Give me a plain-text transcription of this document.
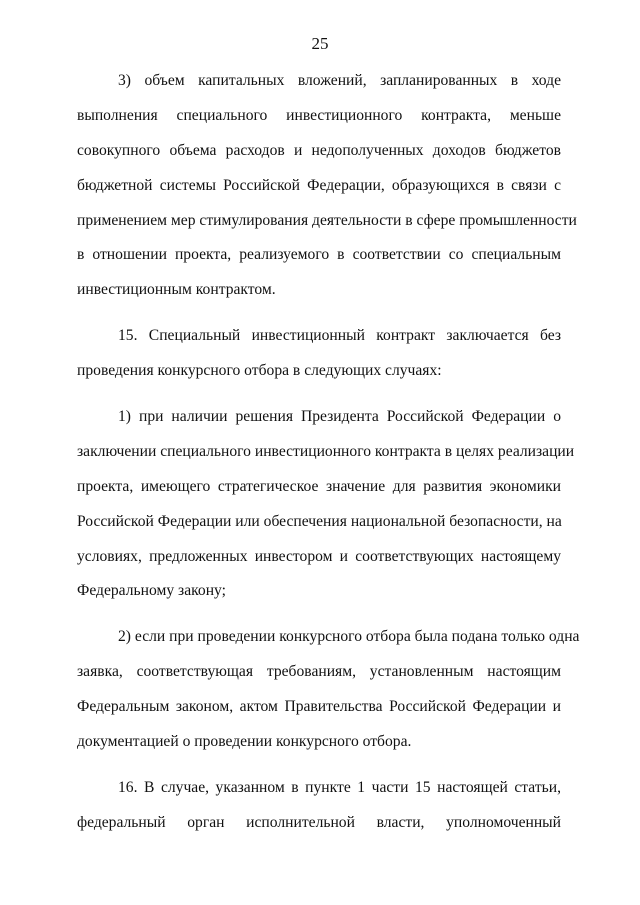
25
3) объем капитальных вложений, запланированных в ходе
выполнения специального инвестиционного контракта, меньше
совокупного объема расходов и недополученных доходов бюджетов
бюджетной системы Российской Федерации, образующихся в связи с
применением мер стимулирования деятельности в сфере промышленности
в отношении проекта, реализуемого в соответствии со специальным
инвестиционным контрактом.
15. Специальный инвестиционный контракт заключается без
проведения конкурсного отбора в следующих случаях:
1) при наличии решения Президента Российской Федерации о
заключении специального инвестиционного контракта в целях реализации
проекта, имеющего стратегическое значение для развития экономики
Российской Федерации или обеспечения национальной безопасности, на
условиях, предложенных инвестором и соответствующих настоящему
Федеральному закону;
2) если при проведении конкурсного отбора была подана только одна
заявка, соответствующая требованиям, установленным настоящим
Федеральным законом, актом Правительства Российской Федерации и
документацией о проведении конкурсного отбора.
16. В случае, указанном в пункте 1 части 15 настоящей статьи,
федеральный орган исполнительной власти, уполномоченный
